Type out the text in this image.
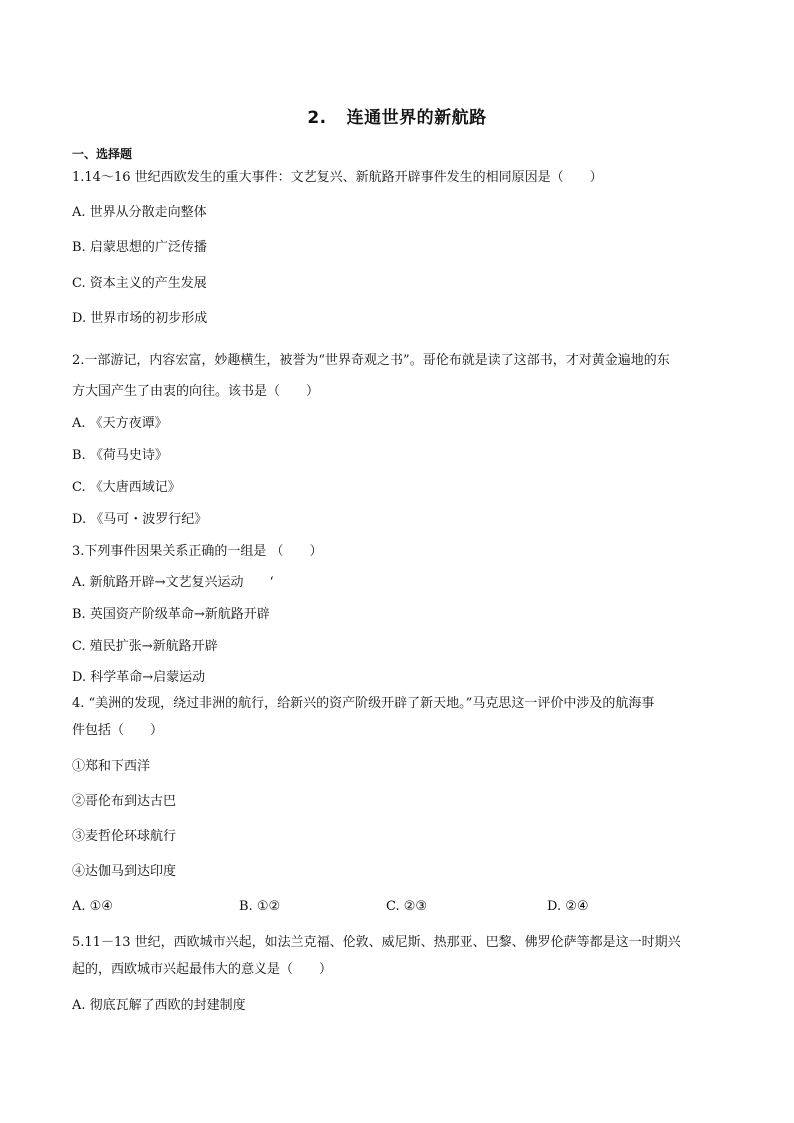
2. 连通世界的新航路
一、选择题
1.14～16 世纪西欧发生的重大事件：文艺复兴、新航路开辟事件发生的相同原因是（　　）
A. 世界从分散走向整体
B. 启蒙思想的广泛传播
C. 资本主义的产生发展
D. 世界市场的初步形成
2.一部游记，内容宏富，妙趣横生，被誉为“世界奇观之书”。哥伦布就是读了这部书，才对黄金遍地的东
方大国产生了由衷的向往。该书是（　　）
A. 《天方夜谭》
B. 《荷马史诗》
C. 《大唐西域记》
D. 《马可・波罗行纪》
3.下列事件因果关系正确的一组是 （　　）
A. 新航路开辟→文艺复兴运动　　‘
B. 英国资产阶级革命→新航路开辟
C. 殖民扩张→新航路开辟
D. 科学革命→启蒙运动
4. “美洲的发现，绕过非洲的航行，给新兴的资产阶级开辟了新天地。”马克思这一评价中涉及的航海事
件包括（　　）
①郑和下西洋
②哥伦布到达古巴
③麦哲伦环球航行
④达伽马到达印度
A. ①④	B. ①②	C. ②③	D. ②④
5.11－13 世纪，西欧城市兴起，如法兰克福、伦敦、威尼斯、热那亚、巴黎、佛罗伦萨等都是这一时期兴
起的，西欧城市兴起最伟大的意义是（　　）
A. 彻底瓦解了西欧的封建制度
